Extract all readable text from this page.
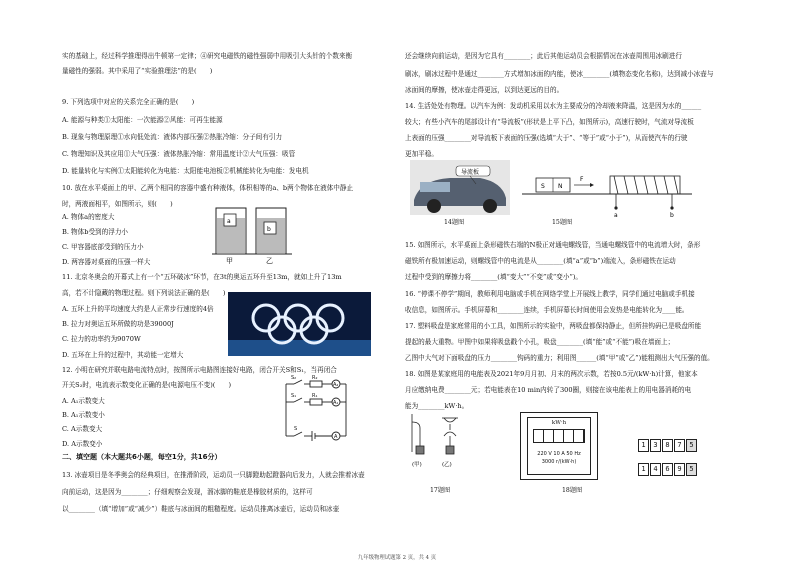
实的基础上，经过科学推理得出牛顿第一定律；④研究电磁铁的磁性强弱中用吸引大头针的个数来衡
量磁性的强弱。其中采用了“实验推理法”的是(　　)
9. 下列选项中对应的关系完全正确的是(　　)
A. 能源与种类①太阳能：一次能源②风能：可再生能源
B. 现象与物理原理①水向低处流：液体内部压强②热胀冷缩：分子间有引力
C. 物理知识及其应用①大气压强：液体热胀冷缩：常用温度计②大气压强：吸管
D. 能量转化与实例①太阳能转化为电能：太阳能电池板②机械能转化为电能：发电机
10. 放在水平桌面上的甲、乙两个相同的容器中盛有种液体，体积相等的a、b两个物体在液体中静止
时，两液面相平，如图所示，则(　　)
A. 物体a的密度大
B. 物体b受到的浮力小
C. 甲容器底部受到的压力小
D. 两容器对桌面的压强一样大
11. 北京冬奥会的开幕式上有一个“五环破冰”环节，在3t的奥运五环升至13m，就如上升了13m
高，若不计隐藏的物理过程。则下列说法正确的是(　　)
A. 五环上升的平均速度大约是人正常步行速度的4倍
B. 拉力对奥运五环所做的功是39000J
C. 拉力的功率约为9070W
D. 五环在上升的过程中，其动能一定增大
12. 小明在研究并联电路电流特点时，按图所示电路图连接好电路，闭合开关S和S₁，当再闭合
开关S₂时，电流表示数变化正确的是(电源电压不变)(　　)
A. A₁示数变大
B. A₁示数变小
C. A示数变大
D. A示数变小
13. 冰壶项目是冬季奥会的经典项目，在推滑阶段，运动员一只脚蹬助起蹬器向后发力，人就会推着冰壶
向前运动，这是因为________；仔细观察会发现，溜冰脚的鞋底是橡胶材质的，这样可
以________（填“增加”或“减少”）鞋底与冰面间的粗糙程度。运动员推离冰壶后，运动员和冰壶
二、填空题（本大题共6小题，每空1分，共16分）
还会继续向前运动，是因为它具有________；此后其他运动员会根据情况在冰壶周围用冰刷进行
刷冰，刷冰过程中是通过________方式增加冰面的内能，使冰________(填物态变化名称)，达到减小冰壶与
冰面间的摩擦，使冰壶走得更远，以到达更远的目的。
14. 生活处处有物理。以汽车为例：发动机采用以水为主要成分的冷却液来降温，这是因为水的______
较大；有些小汽车的尾部设计有“导流板”(形状是上平下凸，如图所示)，高速行驶时，气流对导流板
上表面的压强________对导流板下表面的压强(选填“大于”、“等于”或“小于”)，从而使汽车的行驶
更加平稳。
15. 如图所示，水平桌面上条形磁铁右端的N极正对通电螺线管，当通电螺线管中的电流增大时，条形
磁铁所有极加速运动，则螺线管中的电流是从________(填“a”或“b”)端流入，条形磁铁在运动
过程中受到的摩擦力将________(填“变大”“不变”或“变小”)。
16. “停课不停学”期间，教师利用电脑或手机在网络学堂上开展线上教学，同学们通过电脑或手机接
收信息，如图所示。手机屏幕和________连续，手机屏幕长时间使用会发热是电能转化为____能。
17. 塑料吸盘是家庭常用的小工具，如图所示的实验中，两吸盘都保持静止，但所挂钩码已是吸盘所能
提起的最大重物。甲图中如果将吸盘戳个小孔，吸盘________(填“能”或“不能”)吸在墙面上；
乙图中大气对下面吸盘的压力________钩码的重力；利用图______(填“甲”或“乙”)能粗测出大气压强的值。
18. 如图是某家庭用的电能表及2021年9月月初、月末的两次示数，若按0.5元/(kW·h)计算，他家本
月应缴纳电费________元；若电能表在10 min内转了300圈，则接在该电能表上的用电器消耗的电
能为________kW·h。
a
b
甲	乙
S₂	R₂
A₂
S₁	R₁
A₁
S
A
导流板
14题图
S N
F
a	b
15题图
(甲)	(乙)
17题图
kW·h
220 V 10 A 50 Hz
3000 r/(kW·h)
18题图
1 3 8 7 5
1 4 6 9 5
九年级物理试题第 2 页，共 4 页
